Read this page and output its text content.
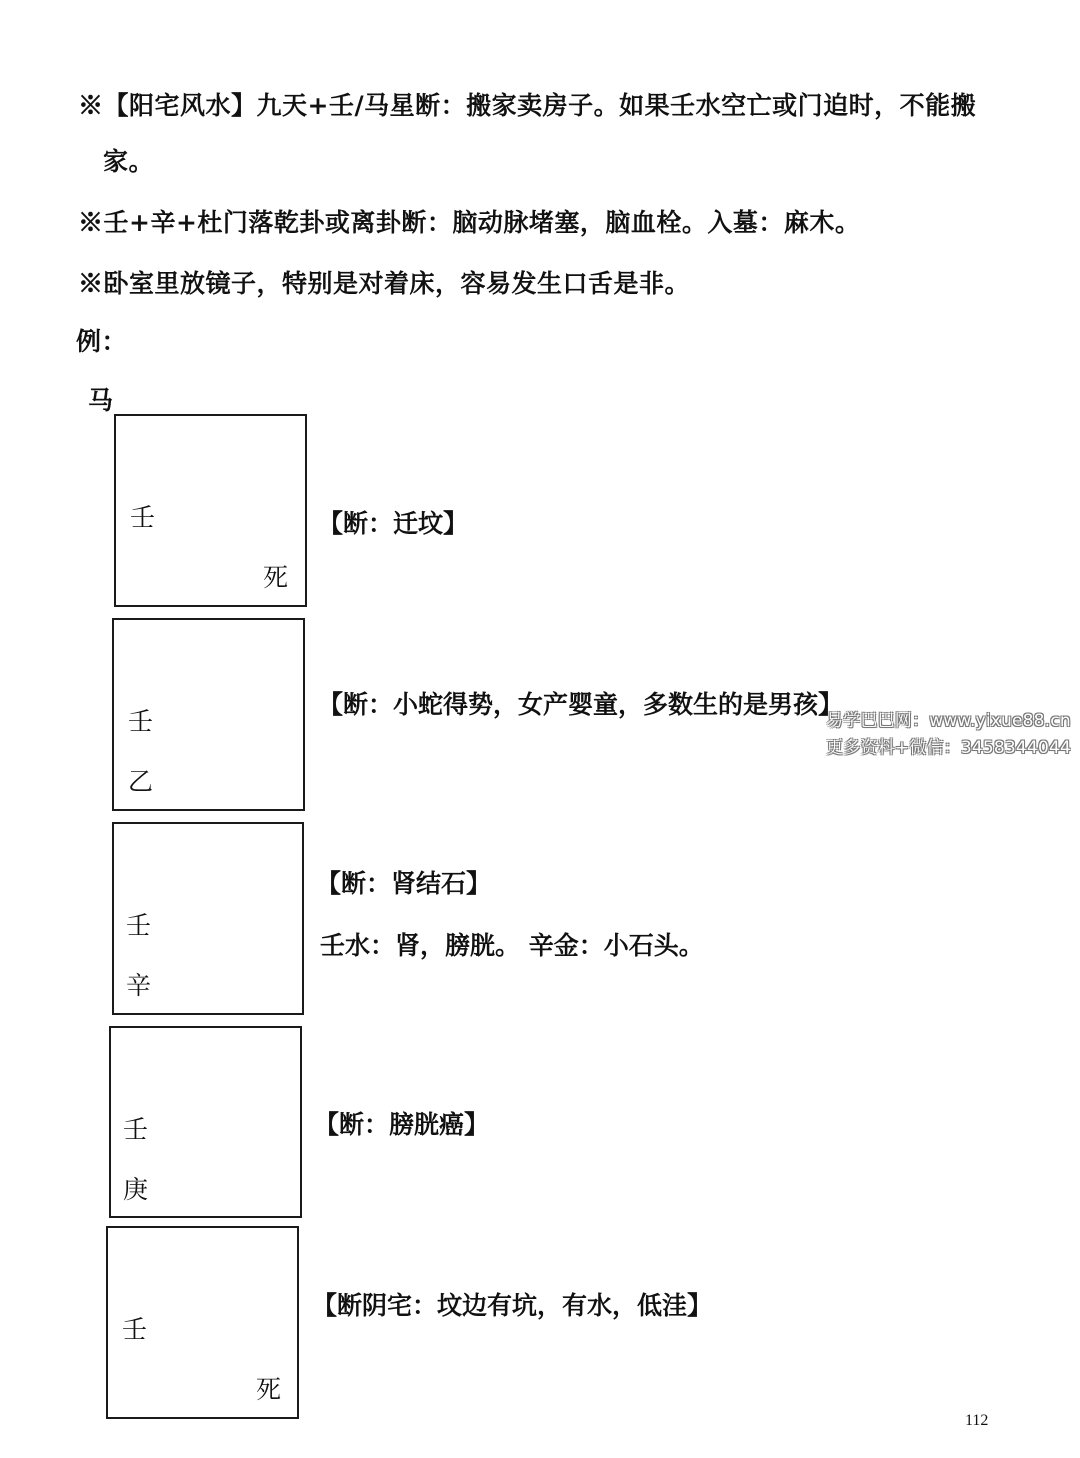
※【阳宅风水】九天+壬/马星断：搬家卖房子。如果壬水空亡或门迫时，不能搬
家。
※壬+辛+杜门落乾卦或离卦断：脑动脉堵塞，脑血栓。入墓：麻木。
※卧室里放镜子，特别是对着床，容易发生口舌是非。
例：
马
壬
死
【断：迁坟】
壬
乙
【断：小蛇得势，女产婴童，多数生的是男孩】
壬
辛
【断：肾结石】
壬水：肾，膀胱。 辛金：小石头。
壬
庚
【断：膀胱癌】
壬
死
【断阴宅：坟边有坑，有水，低洼】
易学巴巴网：www.yixue88.cn
更多资料+微信：3458344044
112
